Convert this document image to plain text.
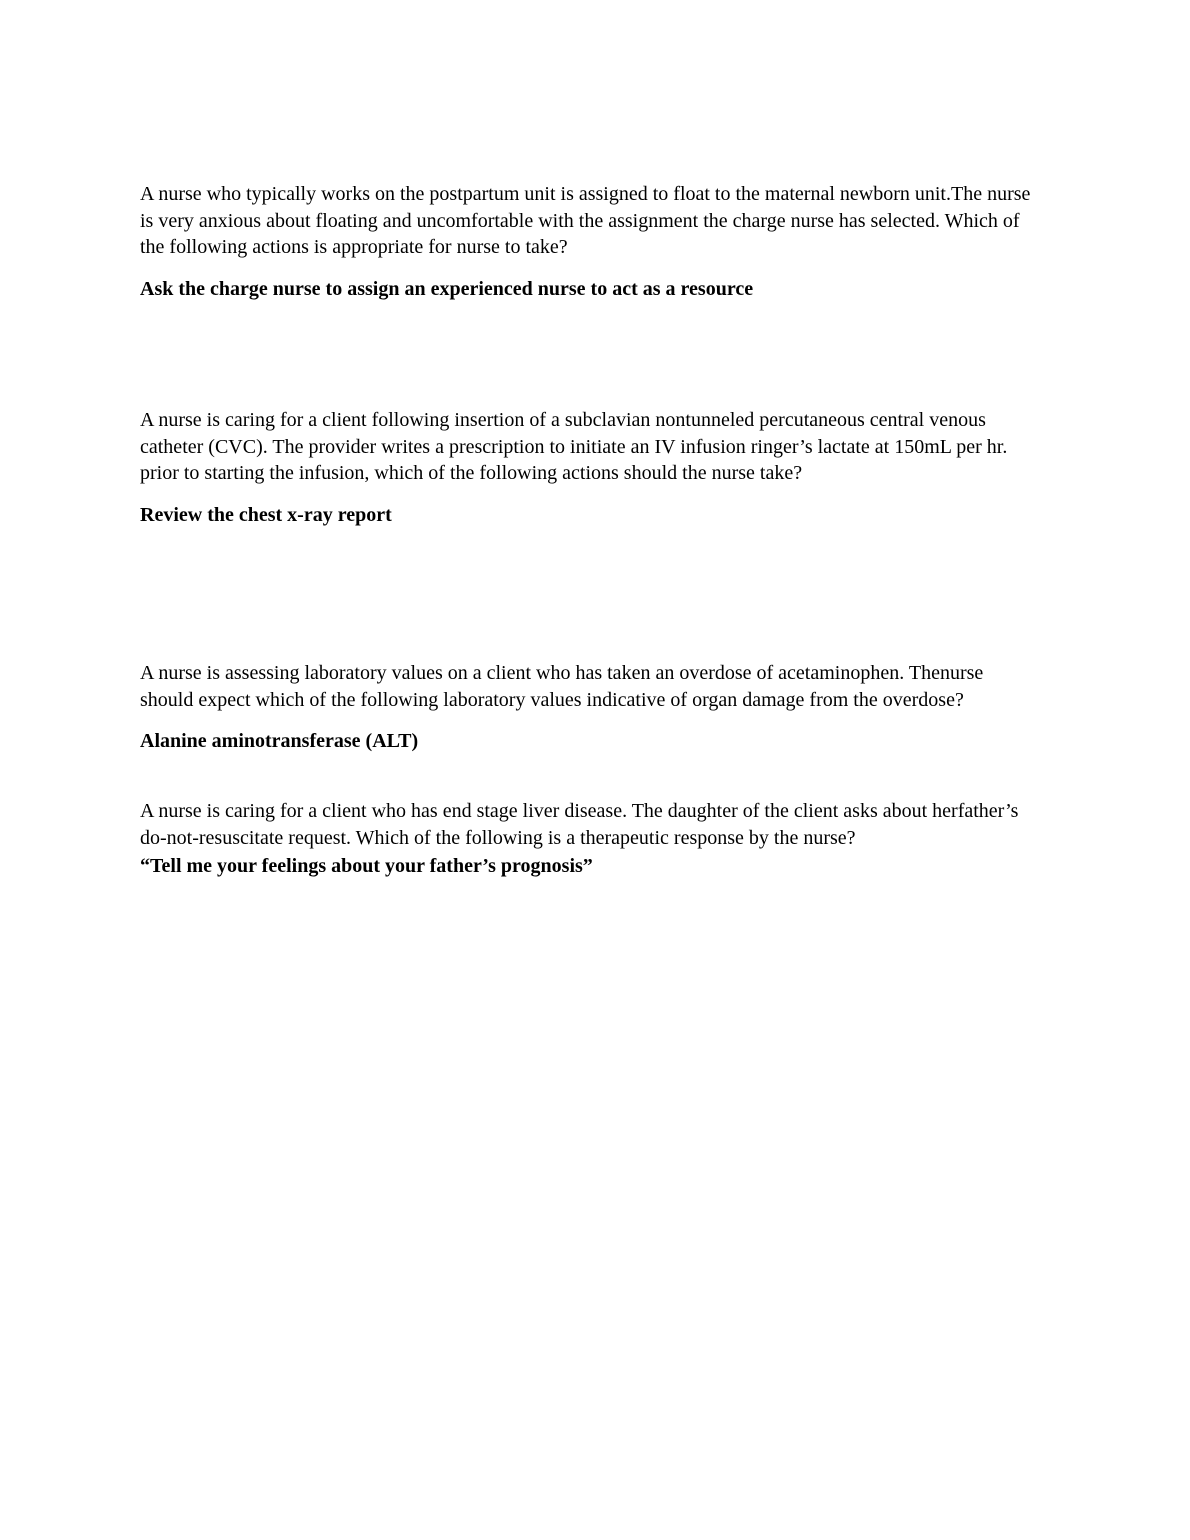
A nurse who typically works on the postpartum unit is assigned to float to the maternal newborn unit.The nurse is very anxious about floating and uncomfortable with the assignment the charge nurse has selected. Which of the following actions is appropriate for nurse to take?

Ask the charge nurse to assign an experienced nurse to act as a resource

A nurse is caring for a client following insertion of a subclavian nontunneled percutaneous central venous catheter (CVC). The provider writes a prescription to initiate an IV infusion ringer’s lactate at 150mL per hr. prior to starting the infusion, which of the following actions should the nurse take?

Review the chest x-ray report

A nurse is assessing laboratory values on a client who has taken an overdose of acetaminophen. Thenurse should expect which of the following laboratory values indicative of organ damage from the overdose?

Alanine aminotransferase (ALT)

A nurse is caring for a client who has end stage liver disease. The daughter of the client asks about herfather’s do-not-resuscitate request. Which of the following is a therapeutic response by the nurse?

“Tell me your feelings about your father’s prognosis”
